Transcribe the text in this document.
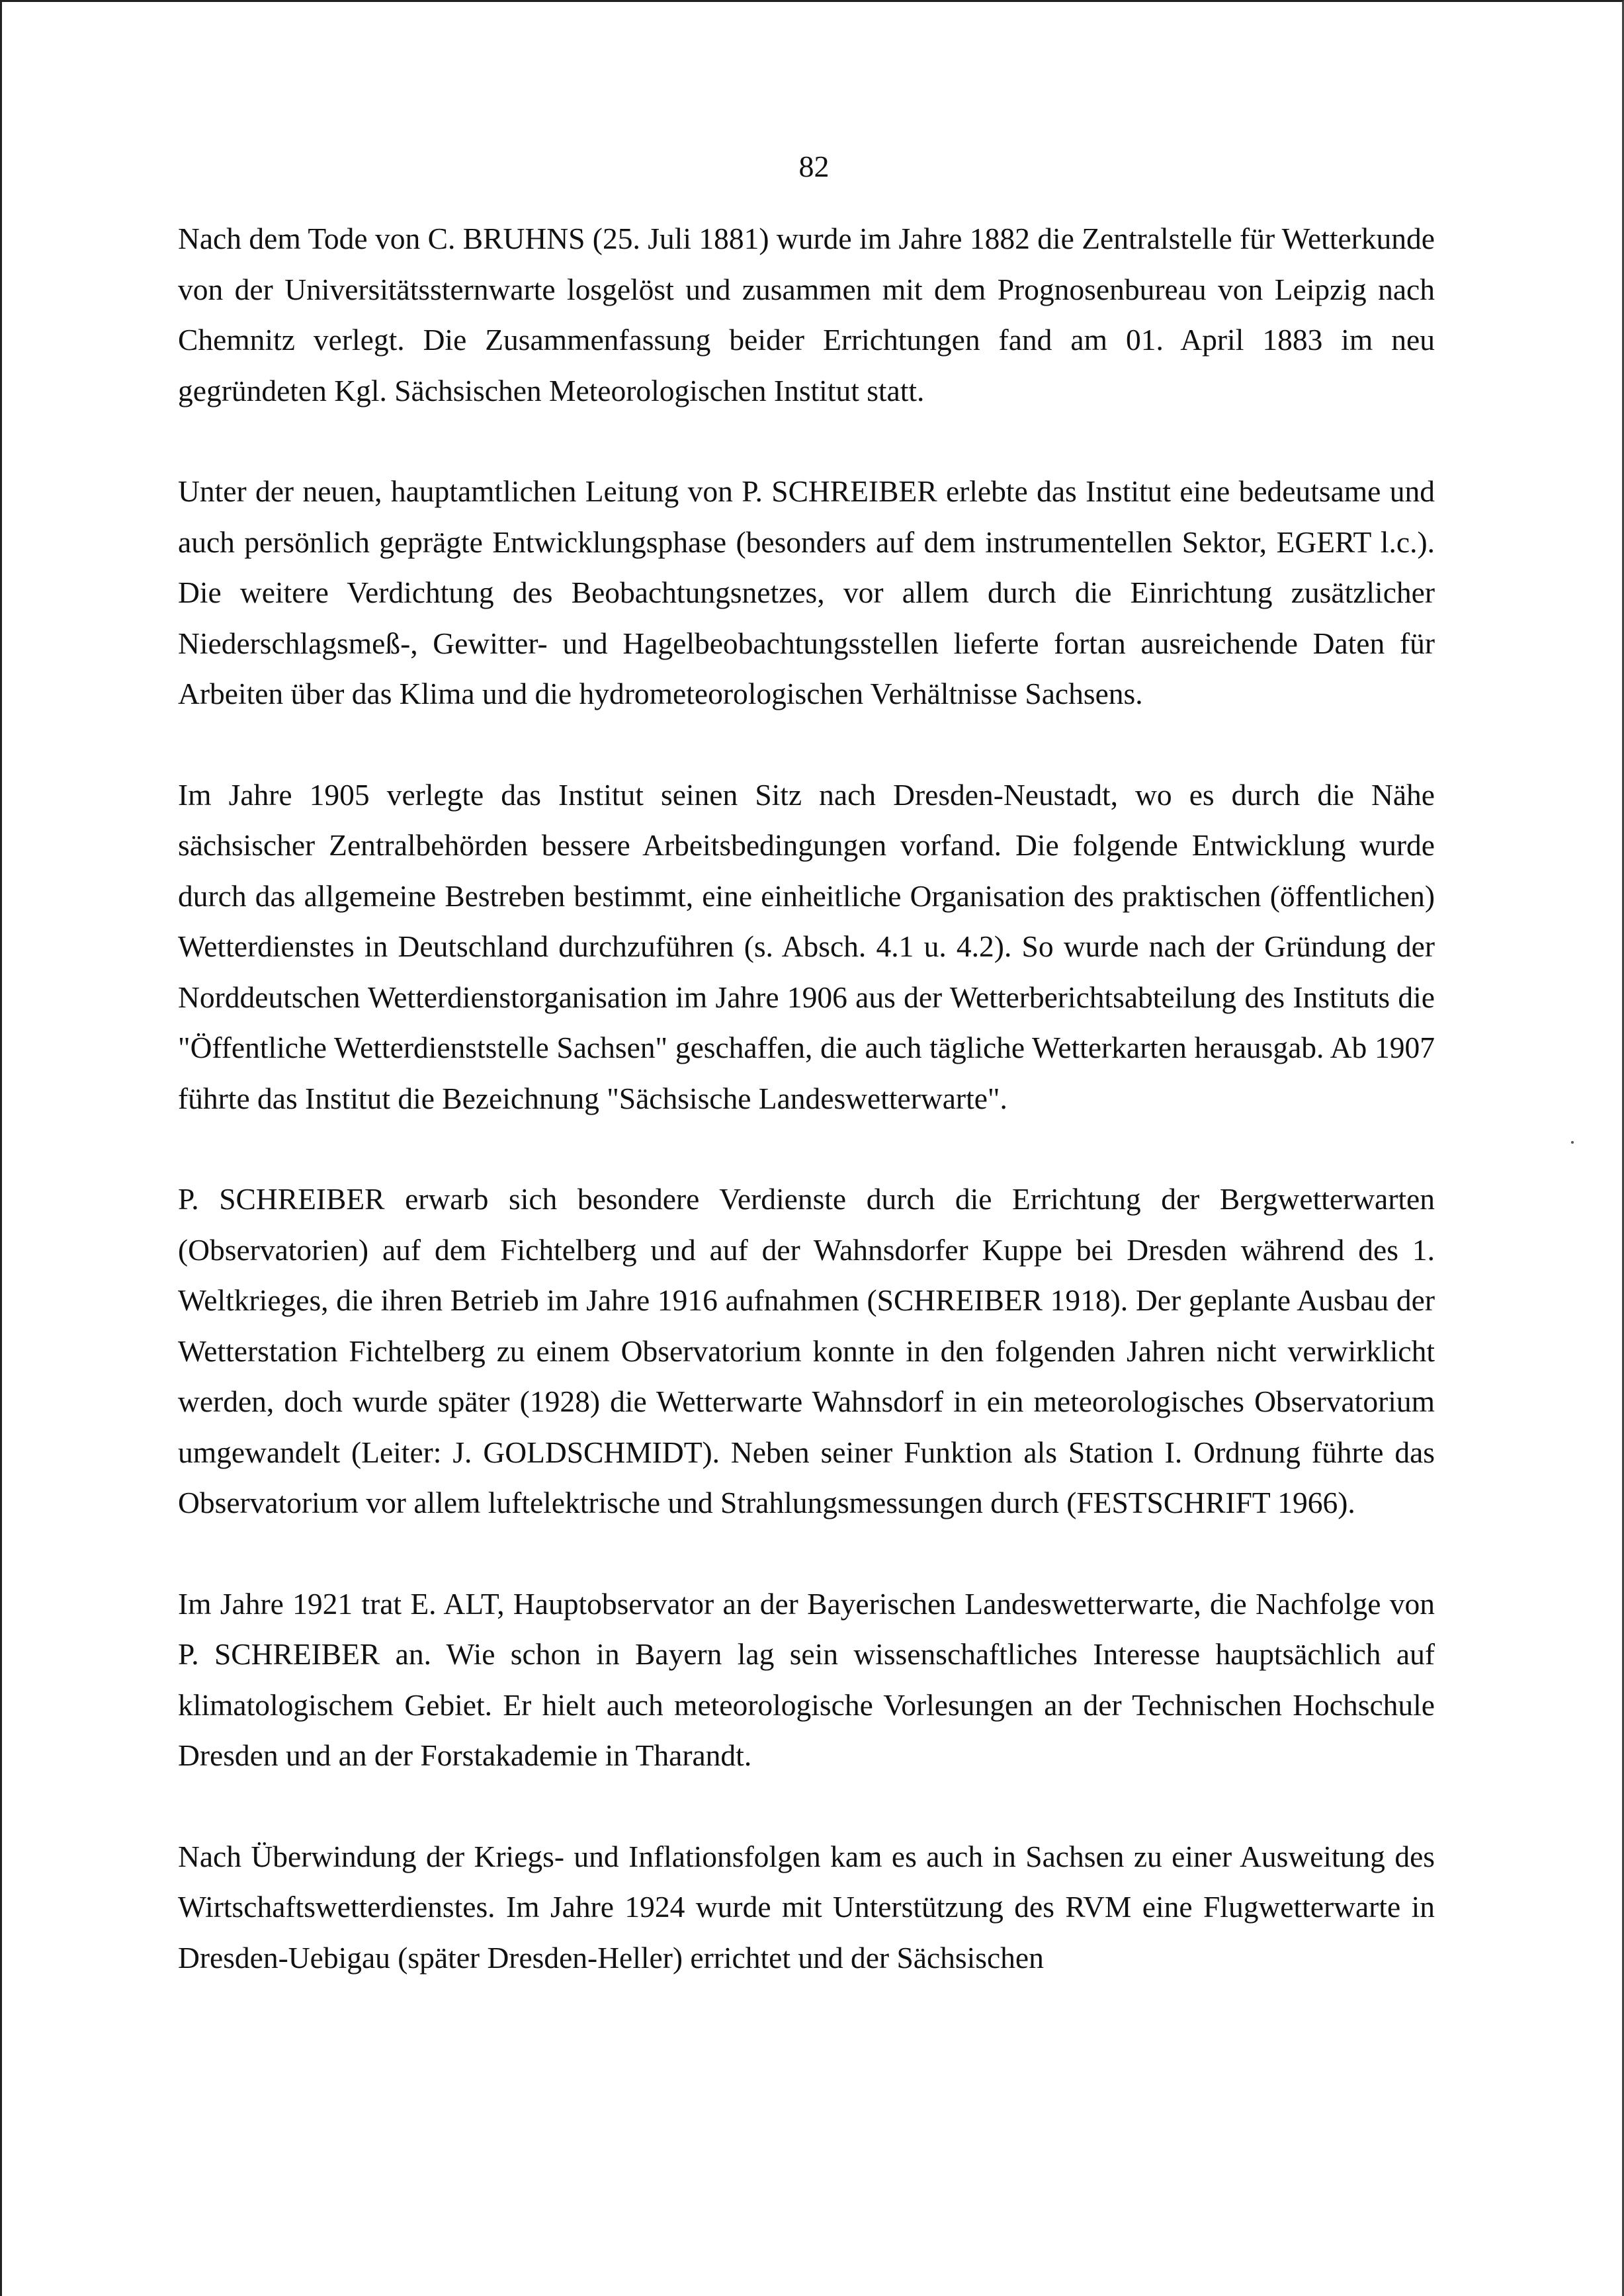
82

Nach dem Tode von C. BRUHNS (25. Juli 1881) wurde im Jahre 1882 die Zentralstelle für Wetterkunde von der Universitätssternwarte losgelöst und zusammen mit dem Prognosenbureau von Leipzig nach Chemnitz verlegt. Die Zusammenfassung beider Errichtungen fand am 01. April 1883 im neu gegründeten Kgl. Sächsischen Meteorologischen Institut statt.

Unter der neuen, hauptamtlichen Leitung von P. SCHREIBER erlebte das Institut eine bedeutsame und auch persönlich geprägte Entwicklungsphase (besonders auf dem instrumentellen Sektor, EGERT l.c.). Die weitere Verdichtung des Beobachtungsnetzes, vor allem durch die Einrichtung zusätzlicher Niederschlagsmeß-, Gewitter- und Hagelbeobachtungsstellen lieferte fortan ausreichende Daten für Arbeiten über das Klima und die hydrometeorologischen Verhältnisse Sachsens.

Im Jahre 1905 verlegte das Institut seinen Sitz nach Dresden-Neustadt, wo es durch die Nähe sächsischer Zentralbehörden bessere Arbeitsbedingungen vorfand. Die folgende Entwicklung wurde durch das allgemeine Bestreben bestimmt, eine einheitliche Organisation des praktischen (öffentlichen) Wetterdienstes in Deutschland durchzuführen (s. Absch. 4.1 u. 4.2). So wurde nach der Gründung der Norddeutschen Wetterdienstorganisation im Jahre 1906 aus der Wetterberichtsabteilung des Instituts die "Öffentliche Wetterdienststelle Sachsen" geschaffen, die auch tägliche Wetterkarten herausgab. Ab 1907 führte das Institut die Bezeichnung "Sächsische Landeswetterwarte".

P. SCHREIBER erwarb sich besondere Verdienste durch die Errichtung der Bergwetterwarten (Observatorien) auf dem Fichtelberg und auf der Wahnsdorfer Kuppe bei Dresden während des 1. Weltkrieges, die ihren Betrieb im Jahre 1916 aufnahmen (SCHREIBER 1918). Der geplante Ausbau der Wetterstation Fichtelberg zu einem Observatorium konnte in den folgenden Jahren nicht verwirklicht werden, doch wurde später (1928) die Wetterwarte Wahnsdorf in ein meteorologisches Observatorium umgewandelt (Leiter: J. GOLDSCHMIDT). Neben seiner Funktion als Station I. Ordnung führte das Observatorium vor allem luftelektrische und Strahlungsmessungen durch (FESTSCHRIFT 1966).

Im Jahre 1921 trat E. ALT, Hauptobservator an der Bayerischen Landeswetterwarte, die Nachfolge von P. SCHREIBER an. Wie schon in Bayern lag sein wissenschaftliches Interesse hauptsächlich auf klimatologischem Gebiet. Er hielt auch meteorologische Vorlesungen an der Technischen Hochschule Dresden und an der Forstakademie in Tharandt.

Nach Überwindung der Kriegs- und Inflationsfolgen kam es auch in Sachsen zu einer Ausweitung des Wirtschaftswetterdienstes. Im Jahre 1924 wurde mit Unterstützung des RVM eine Flugwetterwarte in Dresden-Uebigau (später Dresden-Heller) errichtet und der Sächsischen
